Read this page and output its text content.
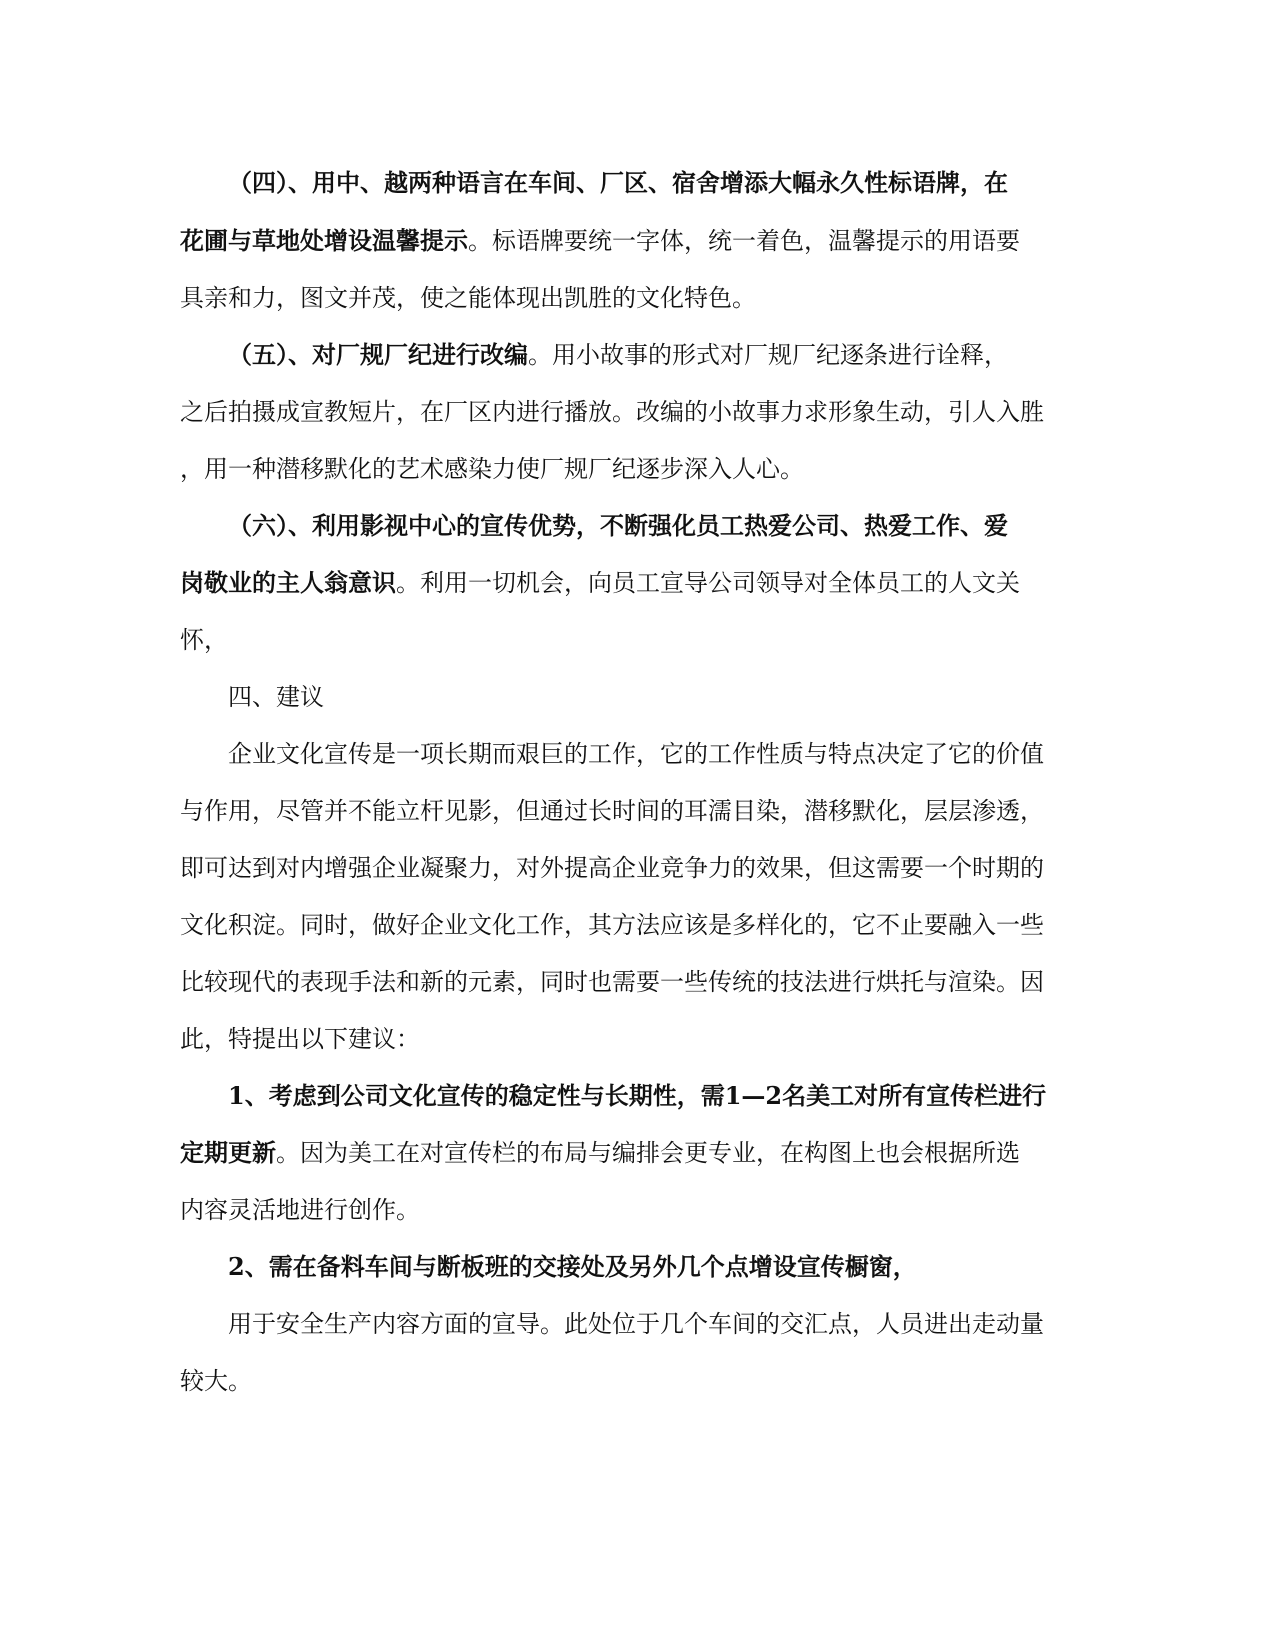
（四）、用中、越两种语言在车间、厂区、宿舍增添大幅永久性标语牌，在
花圃与草地处增设温馨提示。标语牌要统一字体，统一着色，温馨提示的用语要
具亲和力，图文并茂，使之能体现出凯胜的文化特色。
（五）、对厂规厂纪进行改编。用小故事的形式对厂规厂纪逐条进行诠释，
之后拍摄成宣教短片，在厂区内进行播放。改编的小故事力求形象生动，引人入胜
，用一种潜移默化的艺术感染力使厂规厂纪逐步深入人心。
（六）、利用影视中心的宣传优势，不断强化员工热爱公司、热爱工作、爱
岗敬业的主人翁意识。利用一切机会，向员工宣导公司领导对全体员工的人文关
怀，
四、建议
企业文化宣传是一项长期而艰巨的工作，它的工作性质与特点决定了它的价值
与作用，尽管并不能立杆见影，但通过长时间的耳濡目染，潜移默化，层层渗透，
即可达到对内增强企业凝聚力，对外提高企业竞争力的效果，但这需要一个时期的
文化积淀。同时，做好企业文化工作，其方法应该是多样化的，它不止要融入一些
比较现代的表现手法和新的元素，同时也需要一些传统的技法进行烘托与渲染。因
此，特提出以下建议：
1、考虑到公司文化宣传的稳定性与长期性，需1—2名美工对所有宣传栏进行
定期更新。因为美工在对宣传栏的布局与编排会更专业，在构图上也会根据所选
内容灵活地进行创作。
2、需在备料车间与断板班的交接处及另外几个点增设宣传橱窗，
用于安全生产内容方面的宣导。此处位于几个车间的交汇点，人员进出走动量
较大。
